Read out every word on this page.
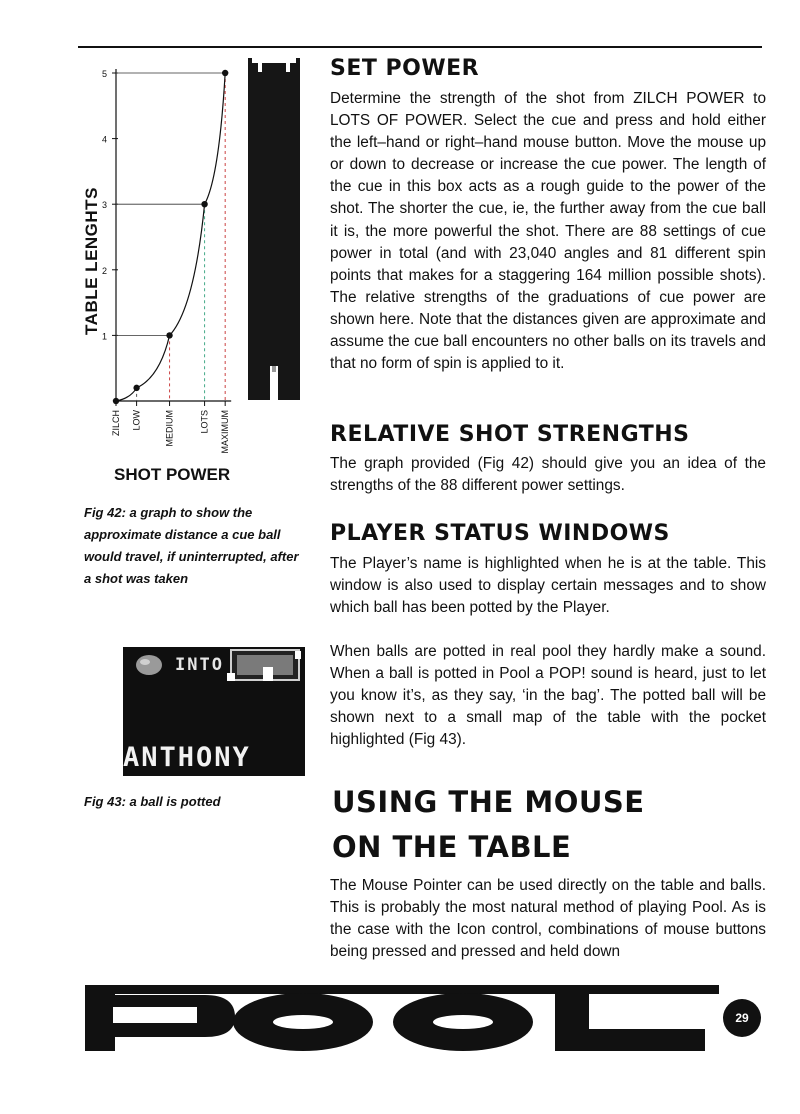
1
2
3
4
5
ZILCH LOW	MEDIUM	LOTS MAXIMUM
TABLE LENGHTS
SHOT POWER
Fig 42: a graph to show the approximate distance a cue ball would travel, if uninterrupted, after a shot was taken
INTO
ANTHONY
Fig 43: a ball is potted
SET POWER

Determine the strength of the shot from ZILCH POWER to LOTS OF POWER. Select the cue and press and hold either the left–hand or right–hand mouse button. Move the mouse up or down to decrease or increase the cue power. The length of the cue in this box acts as a rough guide to the power of the shot. The shorter the cue, ie, the further away from the cue ball it is, the more powerful the shot. There are 88 settings of cue power in total (and with 23,040 angles and 81 different spin points that makes for a staggering 164 million possible shots). The relative strengths of the graduations of cue power are shown here. Note that the distances given are approximate and assume the cue ball encounters no other balls on its travels and that no form of spin is applied to it.

RELATIVE SHOT STRENGTHS

The graph provided (Fig 42) should give you an idea of the strengths of the 88 different power settings.

PLAYER STATUS WINDOWS

The Player’s name is highlighted when he is at the table. This window is also used to display certain messages and to show which ball has been potted by the Player.

When balls are potted in real pool they hardly make a sound. When a ball is potted in Pool a POP! sound is heard, just to let you know it’s, as they say, ‘in the bag’. The potted ball will be shown next to a small map of the table with the pocket highlighted (Fig 43).

USING THE MOUSE
ON THE TABLE

The Mouse Pointer can be used directly on the table and balls. This is probably the most natural method of playing Pool. As is the case with the Icon control, combinations of mouse buttons being pressed and pressed and held down

29
